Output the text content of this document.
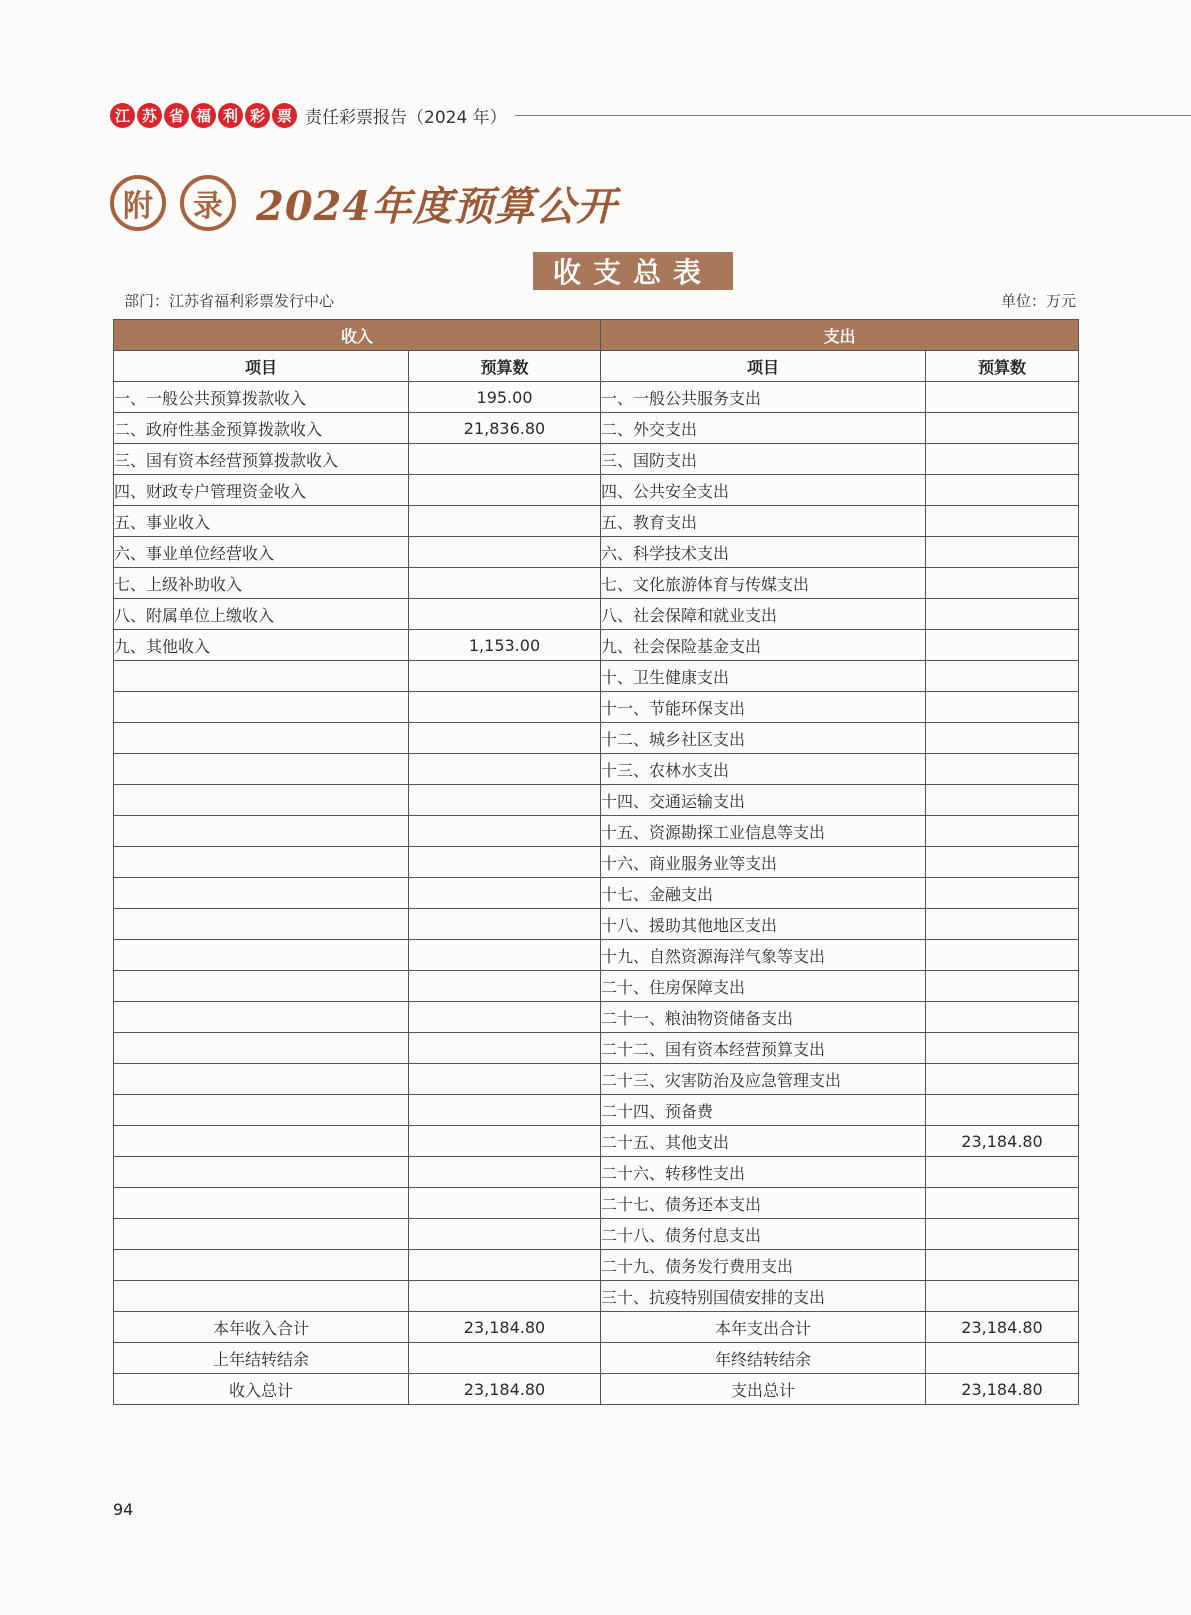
江 苏 省 福 利 彩 票 责任彩票报告（2024 年）
附	录 2024年度预算公开
收支总表
部门：江苏省福利彩票发行中心	单位：万元
收入		支出	
项目	预算数	项目	预算数
一、一般公共预算拨款收入	195.00	一、一般公共服务支出	
二、政府性基金预算拨款收入	21,836.80	二、外交支出	
三、国有资本经营预算拨款收入		三、国防支出	
四、财政专户管理资金收入		四、公共安全支出	
五、事业收入		五、教育支出	
六、事业单位经营收入		六、科学技术支出	
七、上级补助收入		七、文化旅游体育与传媒支出	
八、附属单位上缴收入		八、社会保障和就业支出	
九、其他收入	1,153.00	九、社会保险基金支出	
		十、卫生健康支出	
		十一、节能环保支出	
		十二、城乡社区支出	
		十三、农林水支出	
		十四、交通运输支出	
		十五、资源勘探工业信息等支出	
		十六、商业服务业等支出	
		十七、金融支出	
		十八、援助其他地区支出	
		十九、自然资源海洋气象等支出	
		二十、住房保障支出	
		二十一、粮油物资储备支出	
		二十二、国有资本经营预算支出	
		二十三、灾害防治及应急管理支出	
		二十四、预备费	
		二十五、其他支出	23,184.80
		二十六、转移性支出	
		二十七、债务还本支出	
		二十八、债务付息支出	
		二十九、债务发行费用支出	
		三十、抗疫特别国债安排的支出	
本年收入合计	23,184.80	本年支出合计	23,184.80
上年结转结余		年终结转结余	
收入总计	23,184.80	支出总计	23,184.80
94
